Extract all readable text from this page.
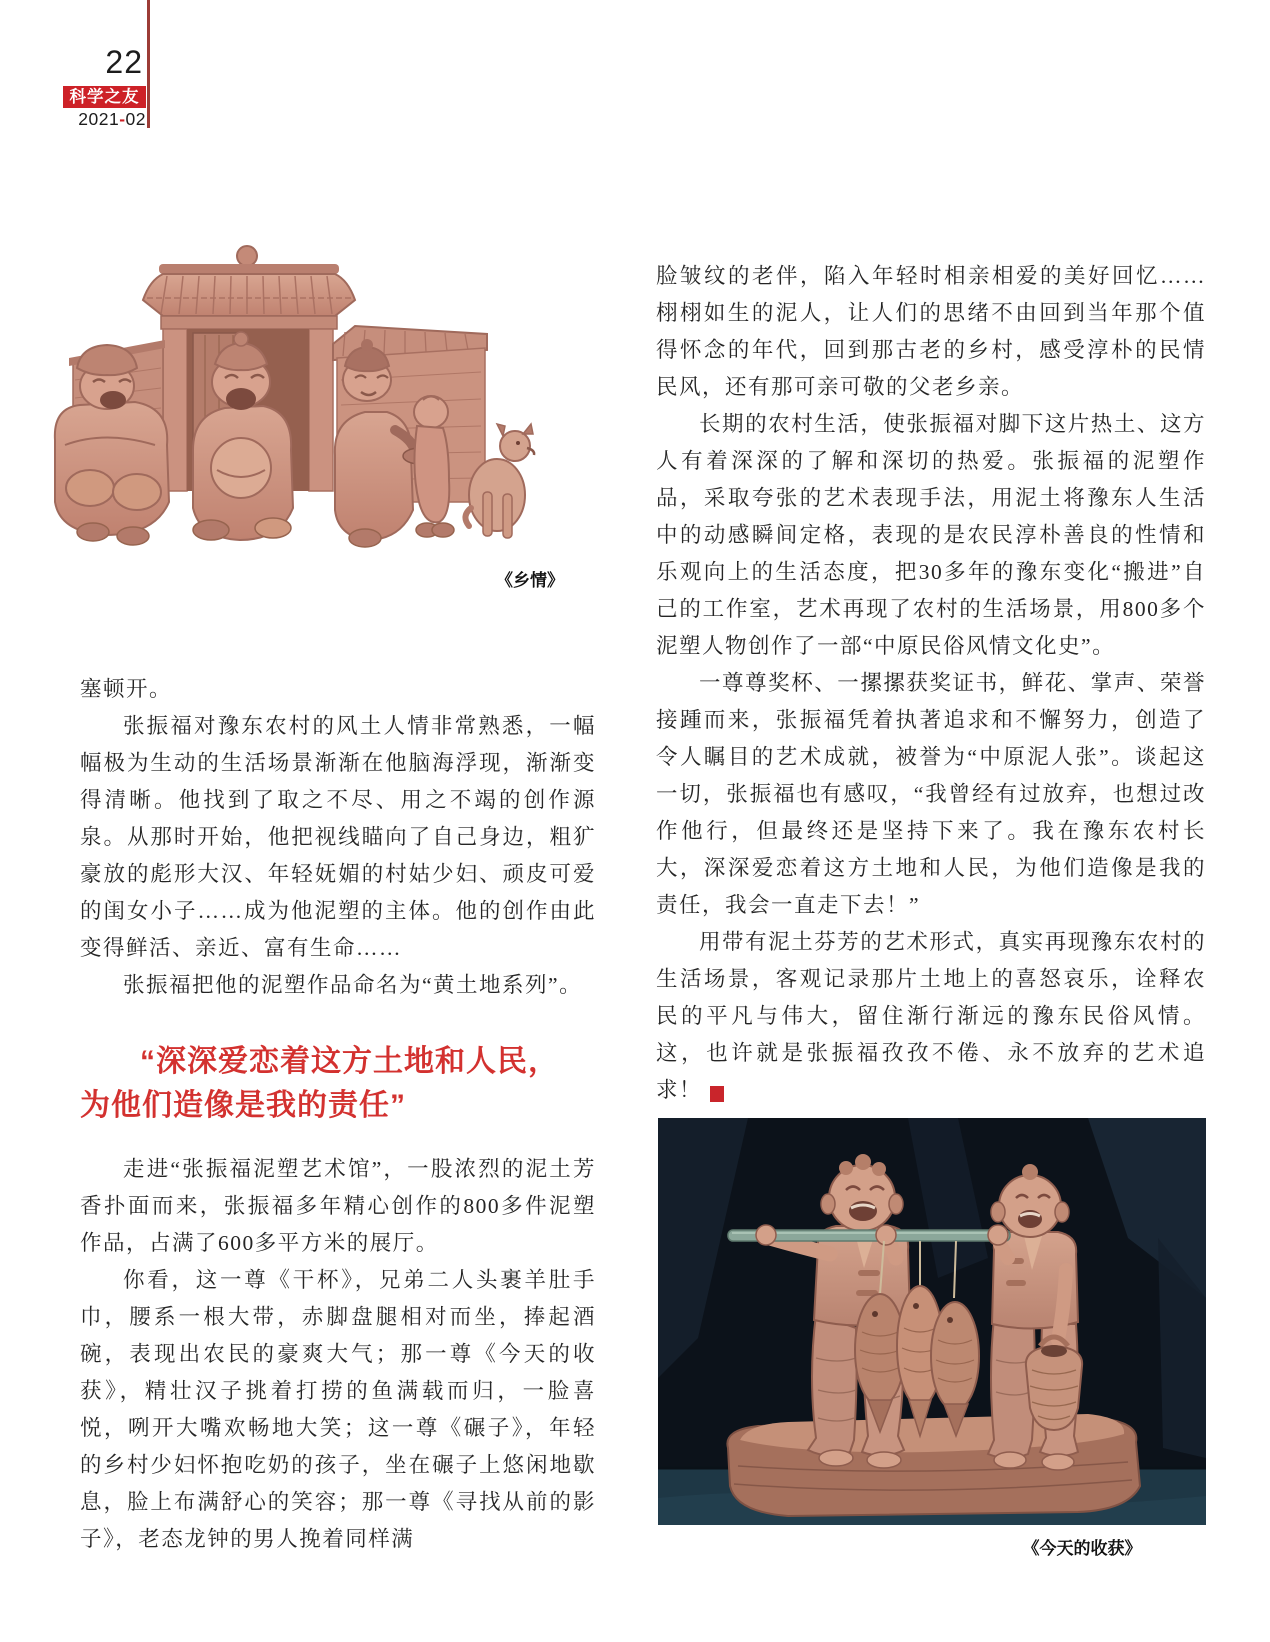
22
科学之友
2021-02
《乡情》

塞顿开。

张振福对豫东农村的风土人情非常熟悉，一幅幅极为生动的生活场景渐渐在他脑海浮现，渐渐变得清晰。他找到了取之不尽、用之不竭的创作源泉。从那时开始，他把视线瞄向了自己身边，粗犷豪放的彪形大汉、年轻妩媚的村姑少妇、顽皮可爱的闺女小子……成为他泥塑的主体。他的创作由此变得鲜活、亲近、富有生命……

张振福把他的泥塑作品命名为“黄土地系列”。

“深深爱恋着这方土地和人民，
为他们造像是我的责任”

走进“张振福泥塑艺术馆”，一股浓烈的泥土芳香扑面而来，张振福多年精心创作的800多件泥塑作品，占满了600多平方米的展厅。

你看，这一尊《干杯》，兄弟二人头裹羊肚手巾，腰系一根大带，赤脚盘腿相对而坐，捧起酒碗，表现出农民的豪爽大气；那一尊《今天的收获》，精壮汉子挑着打捞的鱼满载而归，一脸喜悦，咧开大嘴欢畅地大笑；这一尊《碾子》，年轻的乡村少妇怀抱吃奶的孩子，坐在碾子上悠闲地歇息，脸上布满舒心的笑容；那一尊《寻找从前的影子》，老态龙钟的男人挽着同样满

脸皱纹的老伴，陷入年轻时相亲相爱的美好回忆……栩栩如生的泥人，让人们的思绪不由回到当年那个值得怀念的年代，回到那古老的乡村，感受淳朴的民情民风，还有那可亲可敬的父老乡亲。

长期的农村生活，使张振福对脚下这片热土、这方人有着深深的了解和深切的热爱。张振福的泥塑作品，采取夸张的艺术表现手法，用泥土将豫东人生活中的动感瞬间定格，表现的是农民淳朴善良的性情和乐观向上的生活态度，把30多年的豫东变化“搬进”自己的工作室，艺术再现了农村的生活场景，用800多个泥塑人物创作了一部“中原民俗风情文化史”。

一尊尊奖杯、一摞摞获奖证书，鲜花、掌声、荣誉接踵而来，张振福凭着执著追求和不懈努力，创造了令人瞩目的艺术成就，被誉为“中原泥人张”。谈起这一切，张振福也有感叹，“我曾经有过放弃，也想过改作他行，但最终还是坚持下来了。我在豫东农村长大，深深爱恋着这方土地和人民，为他们造像是我的责任，我会一直走下去！”

用带有泥土芬芳的艺术形式，真实再现豫东农村的生活场景，客观记录那片土地上的喜怒哀乐，诠释农民的平凡与伟大，留住渐行渐远的豫东民俗风情。这，也许就是张振福孜孜不倦、永不放弃的艺术追求！	s

《今天的收获》
